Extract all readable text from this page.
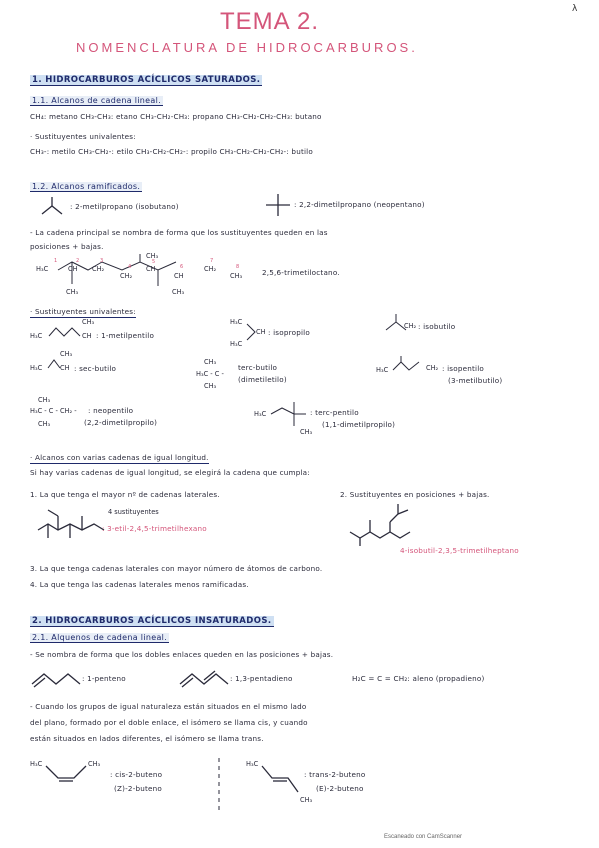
λ
TEMA 2.
NOMENCLATURA DE HIDROCARBUROS.
1. HIDROCARBUROS ACÍCLICOS SATURADOS.
1.1. Alcanos de cadena lineal.
CH₄: metano CH₃-CH₃: etano CH₃-CH₂-CH₃: propano CH₃-CH₂-CH₂-CH₃: butano
· Sustituyentes univalentes:
CH₃-: metilo CH₃-CH₂-: etilo CH₃-CH₂-CH₂-: propilo CH₃-CH₂-CH₂-CH₂-: butilo
1.2. Alcanos ramificados.
: 2-metilpropano (isobutano)	: 2,2-dimetilpropano (neopentano)
- La cadena principal se nombra de forma que los sustituyentes queden en las
posiciones + bajas.
H₃C	CH CH₂
CH₂
CH
CH
CH₂
CH₃
CH₃
CH₃	CH₃
1	2	3
4
5
6
7
8
2,5,6-trimetiloctano.
· Sustituyentes univalentes:
H₃C
CH₃
CH : 1-metilpentilo
H₃C
H₃C
CH : isopropilo
CH₂ : isobutilo
H₃C
CH₃
CH : sec-butilo
CH₃
H₃C - C -
CH₃
terc-butilo
(dimetiletilo)
H₃C	CH₂ : isopentilo
(3-metilbutilo)
CH₃
H₃C - C - CH₂ -
CH₃
: neopentilo
(2,2-dimetilpropilo)
H₃C
CH₃
: terc-pentilo
(1,1-dimetilpropilo)
· Alcanos con varias cadenas de igual longitud.
Si hay varias cadenas de igual longitud, se elegirá la cadena que cumpla:
1. La que tenga el mayor nº de cadenas laterales.	2. Sustituyentes en posiciones + bajas.
4 sustituyentes
: 3-etil-2,4,5-trimetilhexano
4-isobutil-2,3,5-trimetilheptano
3. La que tenga cadenas laterales con mayor número de átomos de carbono.
4. La que tenga las cadenas laterales menos ramificadas.
2. HIDROCARBUROS ACÍCLICOS INSATURADOS.
2.1. Alquenos de cadena lineal.
- Se nombra de forma que los dobles enlaces queden en las posiciones + bajas.
: 1-penteno	: 1,3-pentadieno	H₂C = C = CH₂: aleno (propadieno)
- Cuando los grupos de igual naturaleza están situados en el mismo lado
del plano, formado por el doble enlace, el isómero se llama cis, y cuando
están situados en lados diferentes, el isómero se llama trans.
H₃C	CH₃
: cis-2-buteno
(Z)-2-buteno
H₃C
CH₃
: trans-2-buteno
(E)-2-buteno
Escaneado con CamScanner
